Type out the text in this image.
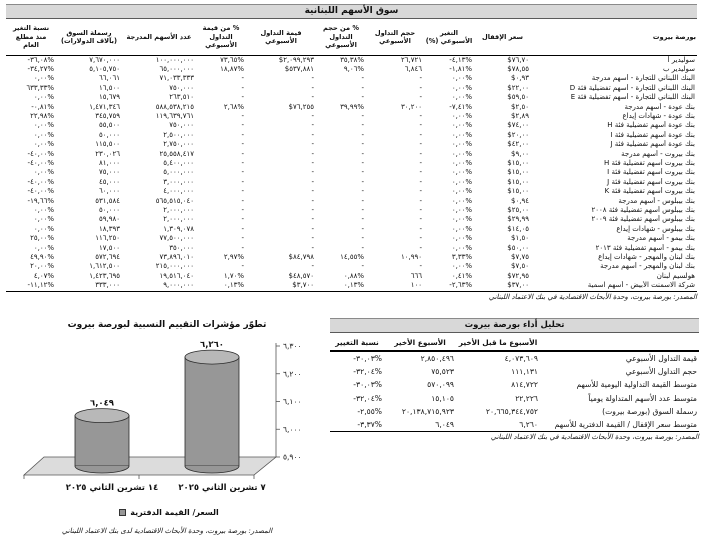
سوق الأسهم اللبنانية
بورصة بيروت	سعر الإقفال	التغير الأسبوعي (%)	حجم التداول الأسبوعي	% من حجم التداول الأسبوعي	قيمة التداول الأسبوعي	% من قيمة التداول الأسبوعي	عدد الأسهم المدرجة	رسملة السوق (بآلاف الدولارات)	نسبة التغير منذ مطلع العام
سوليدير أ	$٧٦,٧٠	-٤,١٣%	٢٦,٧٢١	٣٥,٣٨%	$٢,٠٩٩,٢٩٣	٧٣,٦٥%	١٠٠,٠٠٠,٠٠٠	٧,٦٧٠,٠٠٠	-٣٦,٠٨%
سوليدير ب	$٧٨,٥٥	-١,٨١%	٦,٨٤٦	٩,٠٦%	$٥٣٧,٨٨١	١٨,٨٧%	٦٥,٠٠٠,٠٠٠	٥,١٠٥,٧٥٠	-٣٤,٢٧%
البنك اللبناني للتجارة - أسهم مدرجة	$٠,٩٣	٠,٠٠%	-	-	-	-	٧١,٠٣٣,٣٣٣	٦٦,٠٦١	٠,٠٠%
البنك اللبناني للتجارة - أسهم تفضيلية فئة D	$٢٢,٠٠	٠,٠٠%	-	-	-	-	٧٥٠,٠٠٠	١٦,٥٠٠	٦٣٣,٣٣%
البنك اللبناني للتجارة - أسهم تفضيلية فئة E	$٥٩,٥٠	٠,٠٠%	-	-	-	-	٢٦٣,٥١٠	١٥,٦٧٩	٠,٠٠%
بنك عودة - أسهم مدرجة	$٢,٥٠	-٧,٤١%	٣٠,٢٠٠	٣٩,٩٩%	$٧٦,٢٥٥	٢,٦٨%	٥٨٨,٥٣٨,٢١٥	١,٤٧١,٣٤٦	-٠,٨١%
بنك عودة - شهادات إيداع	$٢,٨٩	٠,٠٠%	-	-	-	-	١١٩,٦٣٩,٧٦١	٣٤٥,٧٥٩	٢٢,٩٨%
بنك عودة أسهم تفضيلية فئة H	$٧٤,٠٠	٠,٠٠%	-	-	-	-	٧٥٠,٠٠٠	٥٥,٥٠٠	٠,٠٠%
بنك عودة أسهم تفضيلية فئة I	$٢٠,٠٠	٠,٠٠%	-	-	-	-	٢,٥٠٠,٠٠٠	٥٠,٠٠٠	٠,٠٠%
بنك عودة أسهم تفضيلية فئة J	$٤٢,٠٠	٠,٠٠%	-	-	-	-	٢,٧٥٠,٠٠٠	١١٥,٥٠٠	٠,٠٠%
بنك بيروت - أسهم مدرجة	$٩,٠٠	٠,٠٠%	-	-	-	-	٢٥,٥٥٨,٤١٧	٢٣٠,٠٢٦	-٤٠,٠٠%
بنك بيروت أسهم تفضيلية فئة H	$١٥,٠٠	٠,٠٠%	-	-	-	-	٥,٤٠٠,٠٠٠	٨١,٠٠٠	-٤٠,٠٠%
بنك بيروت أسهم تفضيلية فئة I	$١٥,٠٠	٠,٠٠%	-	-	-	-	٥,٠٠٠,٠٠٠	٧٥,٠٠٠	٠,٠٠%
بنك بيروت أسهم تفضيلية فئة J	$١٥,٠٠	٠,٠٠%	-	-	-	-	٣,٠٠٠,٠٠٠	٤٥,٠٠٠	-٤٠,٠٠%
بنك بيروت أسهم تفضيلية فئة K	$١٥,٠٠	٠,٠٠%	-	-	-	-	٤,٠٠٠,٠٠٠	٦٠,٠٠٠	-٤٠,٠٠%
بنك بيبلوس - أسهم مدرجة	$٠,٩٤	٠,٠٠%	-	-	-	-	٥٦٥,٥١٥,٠٤٠	٥٣١,٥٨٤	-١٩,٦٦%
بنك بيبلوس أسهم تفضيلية فئة ٢٠٠٨	$٢٥,٠٠	٠,٠٠%	-	-	-	-	٢,٠٠٠,٠٠٠	٥٠,٠٠٠	٠,٠٠%
بنك بيبلوس أسهم تفضيلية فئة ٢٠٠٩	$٢٩,٩٩	٠,٠٠%	-	-	-	-	٢,٠٠٠,٠٠٠	٥٩,٩٨٠	٠,٠٠%
بنك بيبلوس - شهادات إيداع	$١٤,٠٥	٠,٠٠%	-	-	-	-	١,٣٠٩,٠٧٨	١٨,٣٩٣	٠,٠٠%
بنك بيمو - أسهم مدرجة	$١,٥٠	٠,٠٠%	-	-	-	-	٧٧,٥٠٠,٠٠٠	١١٦,٢٥٠	٢٥,٠٠%
بنك بيمو - أسهم تفضيلية فئة ٢٠١٣	$٥٠,٠٠	٠,٠٠%	-	-	-	-	٣٥٠,٠٠٠	١٧,٥٠٠	٠,٠٠%
بنك لبنان والمهجر - شهادات إيداع	$٧,٧٥	٣,٣٣%	١٠,٩٩٠	١٤,٥٥%	$٨٤,٧٩٨	٢,٩٧%	٧٣,٨٩٦,٠١٠	٥٧٢,٦٩٤	٤٩,٩٠%
بنك لبنان والمهجر - أسهم مدرجة	$٧,٥٠	٠,٠٠%	-	-	-	-	٢١٥,٠٠٠,٠٠٠	١,٦١٢,٥٠٠	٢٠,٠٠%
هولسيم لبنان	$٧٢,٩٥	٠,٤١%	٦٦٦	٠,٨٨%	$٤٨,٥٧٠	١,٧٠%	١٩,٥١٦,٠٤٠	١,٤٢٣,٦٩٥	٤,٠٧%
شركة الاسمنت الأبيض - أسهم اسمية	$٣٧,٠٠	-٢,٦٣%	١٠٠	٠,١٣%	$٣,٧٠٠	٠,١٣%	٩,٠٠٠,٠٠٠	٣٣٣,٠٠٠	-١١,١٢%
المصدر: بورصة بيروت، وحدة الأبحاث الاقتصادية في بنك الاعتماد اللبناني
تطوّر مؤشرات التقييم النسبية لبورصة بيروت
٦,٣٠٠
٦,٢٠٠
٦,١٠٠
٦,٠٠٠
٥,٩٠٠
٦,٠٤٩
١٤ تشرين الثاني ٢٠٢٥
٦,٢٦٠
٧ تشرين الثاني ٢٠٢٥
السعر/ القيمة الدفترية
المصدر: بورصة بيروت، وحدة الأبحاث الاقتصادية لدى بنك الاعتماد اللبناني
تحليل أداء بورصة بيروت
	الأسبوع ما قبل الأخير	الأسبوع الأخير	نسبة التغيير
قيمة التداول الأسبوعي	٤,٠٧٣,٦٠٩	٢,٨٥٠,٤٩٦	-٣٠,٠٣%
حجم التداول الأسبوعي	١١١,١٣١	٧٥,٥٢٣	-٣٢,٠٤%
متوسط القيمة التداولية اليومية للأسهم	٨١٤,٧٢٢	٥٧٠,٠٩٩	-٣٠,٠٣%
متوسط عدد الأسهم المتداولة يومياً	٢٢,٢٢٦	١٥,١٠٥	-٣٢,٠٤%
رسملة السوق (بورصة بيروت)	٢٠,٦٦٥,٣٤٤,٧٥٢	٢٠,١٣٨,٧١٥,٩٢٣	-٢,٥٥%
متوسط سعر الإقفال / القيمة الدفترية للأسهم	٦,٢٦٠	٦,٠٤٩	-٣,٣٧%
المصدر: بورصة بيروت، وحدة الأبحاث الاقتصادية في بنك الاعتماد اللبناني
